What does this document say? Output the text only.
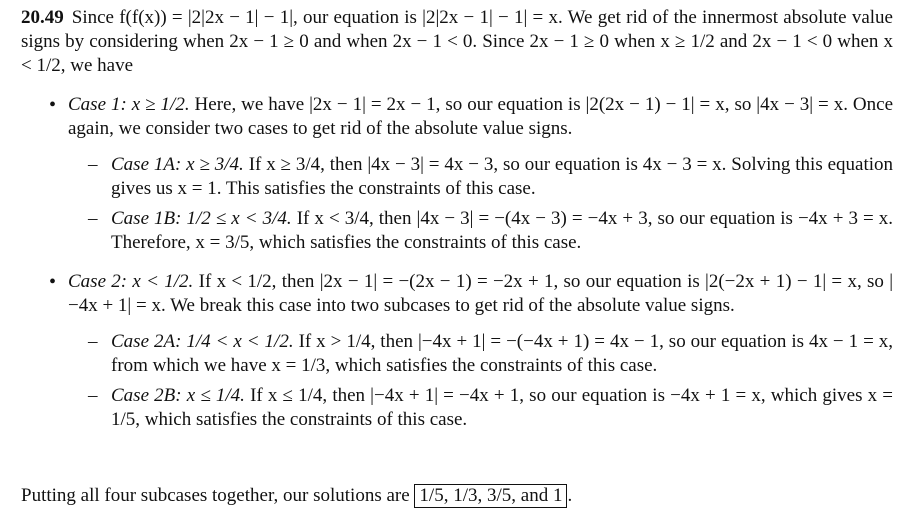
20.49 Since f(f(x)) = |2|2x − 1| − 1|, our equation is |2|2x − 1| − 1| = x. We get rid of the innermost absolute value signs by considering when 2x − 1 ≥ 0 and when 2x − 1 < 0. Since 2x − 1 ≥ 0 when x ≥ 1/2 and 2x − 1 < 0 when x < 1/2, we have

• Case 1: x ≥ 1/2. Here, we have |2x − 1| = 2x − 1, so our equation is |2(2x − 1) − 1| = x, so |4x − 3| = x. Once again, we consider two cases to get rid of the absolute value signs.
– Case 1A: x ≥ 3/4. If x ≥ 3/4, then |4x − 3| = 4x − 3, so our equation is 4x − 3 = x. Solving this equation gives us x = 1. This satisfies the constraints of this case.
– Case 1B: 1/2 ≤ x < 3/4. If x < 3/4, then |4x − 3| = −(4x − 3) = −4x + 3, so our equation is −4x + 3 = x. Therefore, x = 3/5, which satisfies the constraints of this case.
• Case 2: x < 1/2. If x < 1/2, then |2x − 1| = −(2x − 1) = −2x + 1, so our equation is |2(−2x + 1) − 1| = x, so |−4x + 1| = x. We break this case into two subcases to get rid of the absolute value signs.
– Case 2A: 1/4 < x < 1/2. If x > 1/4, then |−4x + 1| = −(−4x + 1) = 4x − 1, so our equation is 4x − 1 = x, from which we have x = 1/3, which satisfies the constraints of this case.
– Case 2B: x ≤ 1/4. If x ≤ 1/4, then |−4x + 1| = −4x + 1, so our equation is −4x + 1 = x, which gives x = 1/5, which satisfies the constraints of this case.
Putting all four subcases together, our solutions are 1/5, 1/3, 3/5, and 1 .
